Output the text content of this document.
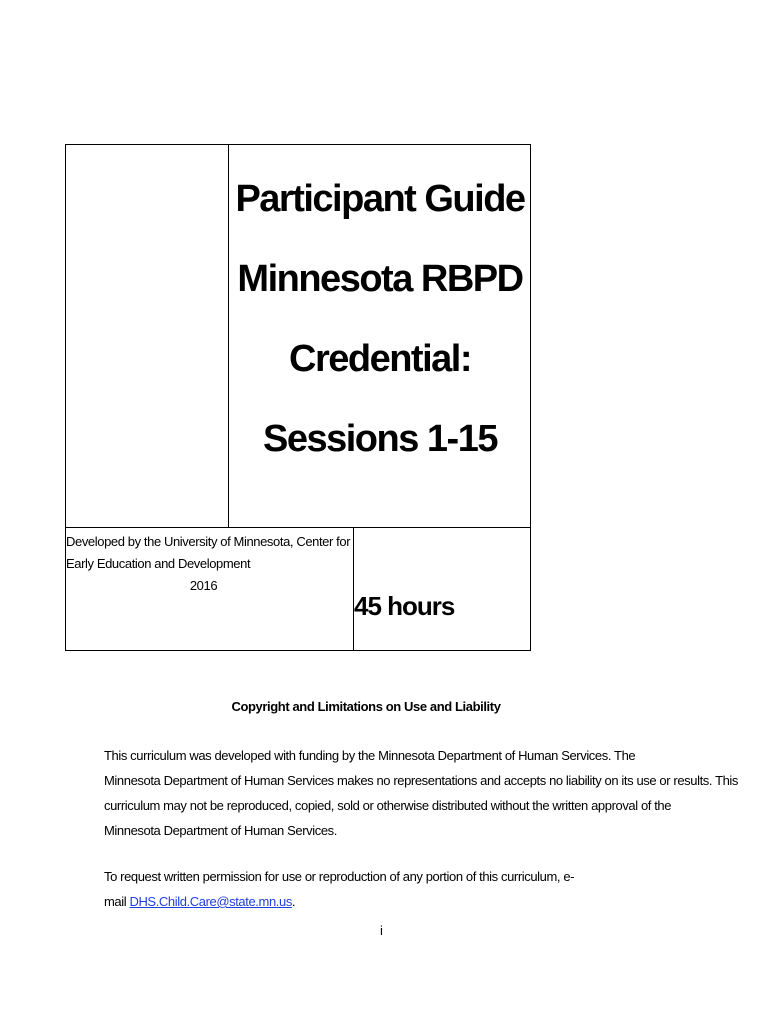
Participant Guide
Minnesota RBPD
Credential:
Sessions 1-15
Developed by the University of Minnesota, Center for
Early Education and Development
2016
45 hours
Copyright and Limitations on Use and Liability
This curriculum was developed with funding by the Minnesota Department of Human Services. The
Minnesota Department of Human Services makes no representations and accepts no liability on its use or results. This
curriculum may not be reproduced, copied, sold or otherwise distributed without the written approval of the
Minnesota Department of Human Services.
To request written permission for use or reproduction of any portion of this curriculum, e-
mail DHS.Child.Care@state.mn.us.
i
